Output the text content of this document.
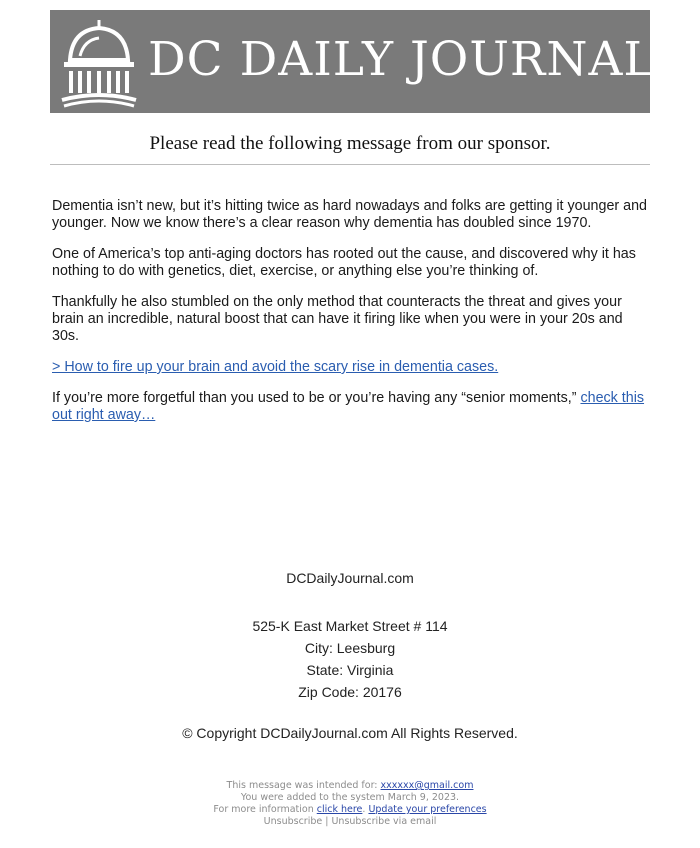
DC DAILY JOURNAL
Please read the following message from our sponsor.

Dementia isn’t new, but it’s hitting twice as hard nowadays and folks are getting it younger and younger. Now we know there’s a clear reason why dementia has doubled since 1970.

One of America’s top anti-aging doctors has rooted out the cause, and discovered why it has nothing to do with genetics, diet, exercise, or anything else you’re thinking of.

Thankfully he also stumbled on the only method that counteracts the threat and gives your brain an incredible, natural boost that can have it firing like when you were in your 20s and 30s.

> How to fire up your brain and avoid the scary rise in dementia cases.

If you’re more forgetful than you used to be or you’re having any “senior moments,” check this out right away…

DCDailyJournal.com
525-K East Market Street # 114
City: Leesburg
State: Virginia
Zip Code: 20176
© Copyright DCDailyJournal.com All Rights Reserved.
This message was intended for: xxxxxx@gmail.com
You were added to the system March 9, 2023.
For more information click here. Update your preferences
Unsubscribe | Unsubscribe via email
